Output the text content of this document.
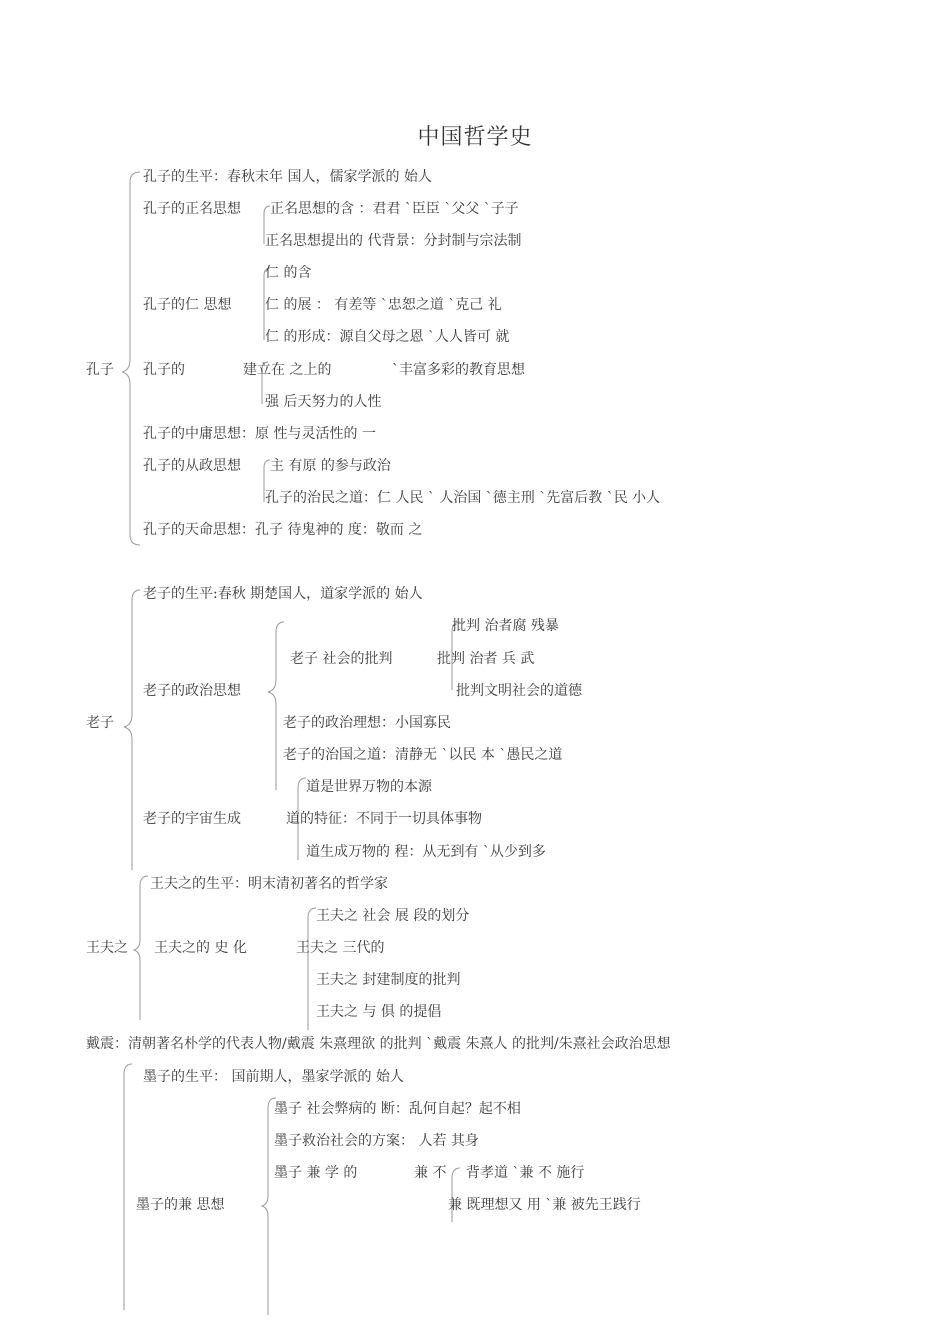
中国哲学史
孔子
孔子的生平：春秋末年 国人，儒家学派的 始人
孔子的正名思想 正名思想的含 ：君君 `臣臣 `父父 `子子
正名思想提出的 代背景：分封制与宗法制
仁 的含
孔子的仁 思想 仁 的展 ： 有差等 `忠恕之道 `克己 礼
仁 的形成：源自父母之恩 `人人皆可 就
孔子的	建立在 之上的	`丰富多彩的教育思想
强 后天努力的人性
孔子的中庸思想：原 性与灵活性的 一
孔子的从政思想 主 有原 的参与政治
孔子的治民之道：仁 人民 ` 人治国 `德主刑 `先富后教 `民 小人
孔子的天命思想：孔子 待鬼神的 度：敬而 之
老子
老子的生平:春秋 期楚国人，道家学派的 始人
批判 治者腐 残暴
老子 社会的批判	批判 治者 兵 武
批判文明社会的道德
老子的政治思想
老子的政治理想：小国寡民
老子的治国之道：清静无 `以民 本 `愚民之道
道是世界万物的本源
老子的宇宙生成	道的特征：不同于一切具体事物
道生成万物的 程：从无到有 `从少到多
王夫之的生平：明末清初著名的哲学家
王夫之 社会 展 段的划分
王夫之 王夫之的 史 化	王夫之 三代的
王夫之 封建制度的批判
王夫之 与 俱 的提倡
戴震：清朝著名朴学的代表人物/戴震 朱熹理欲 的批判 `戴震 朱熹人 的批判/朱熹社会政治思想
墨子的生平： 国前期人，墨家学派的 始人
墨子 社会弊病的 断：乱何自起？起不相
墨子救治社会的方案： 人若 其身
墨子 兼 学 的	兼 不 背孝道 `兼 不 施行
墨子的兼 思想	兼 既理想又 用 `兼 被先王践行
